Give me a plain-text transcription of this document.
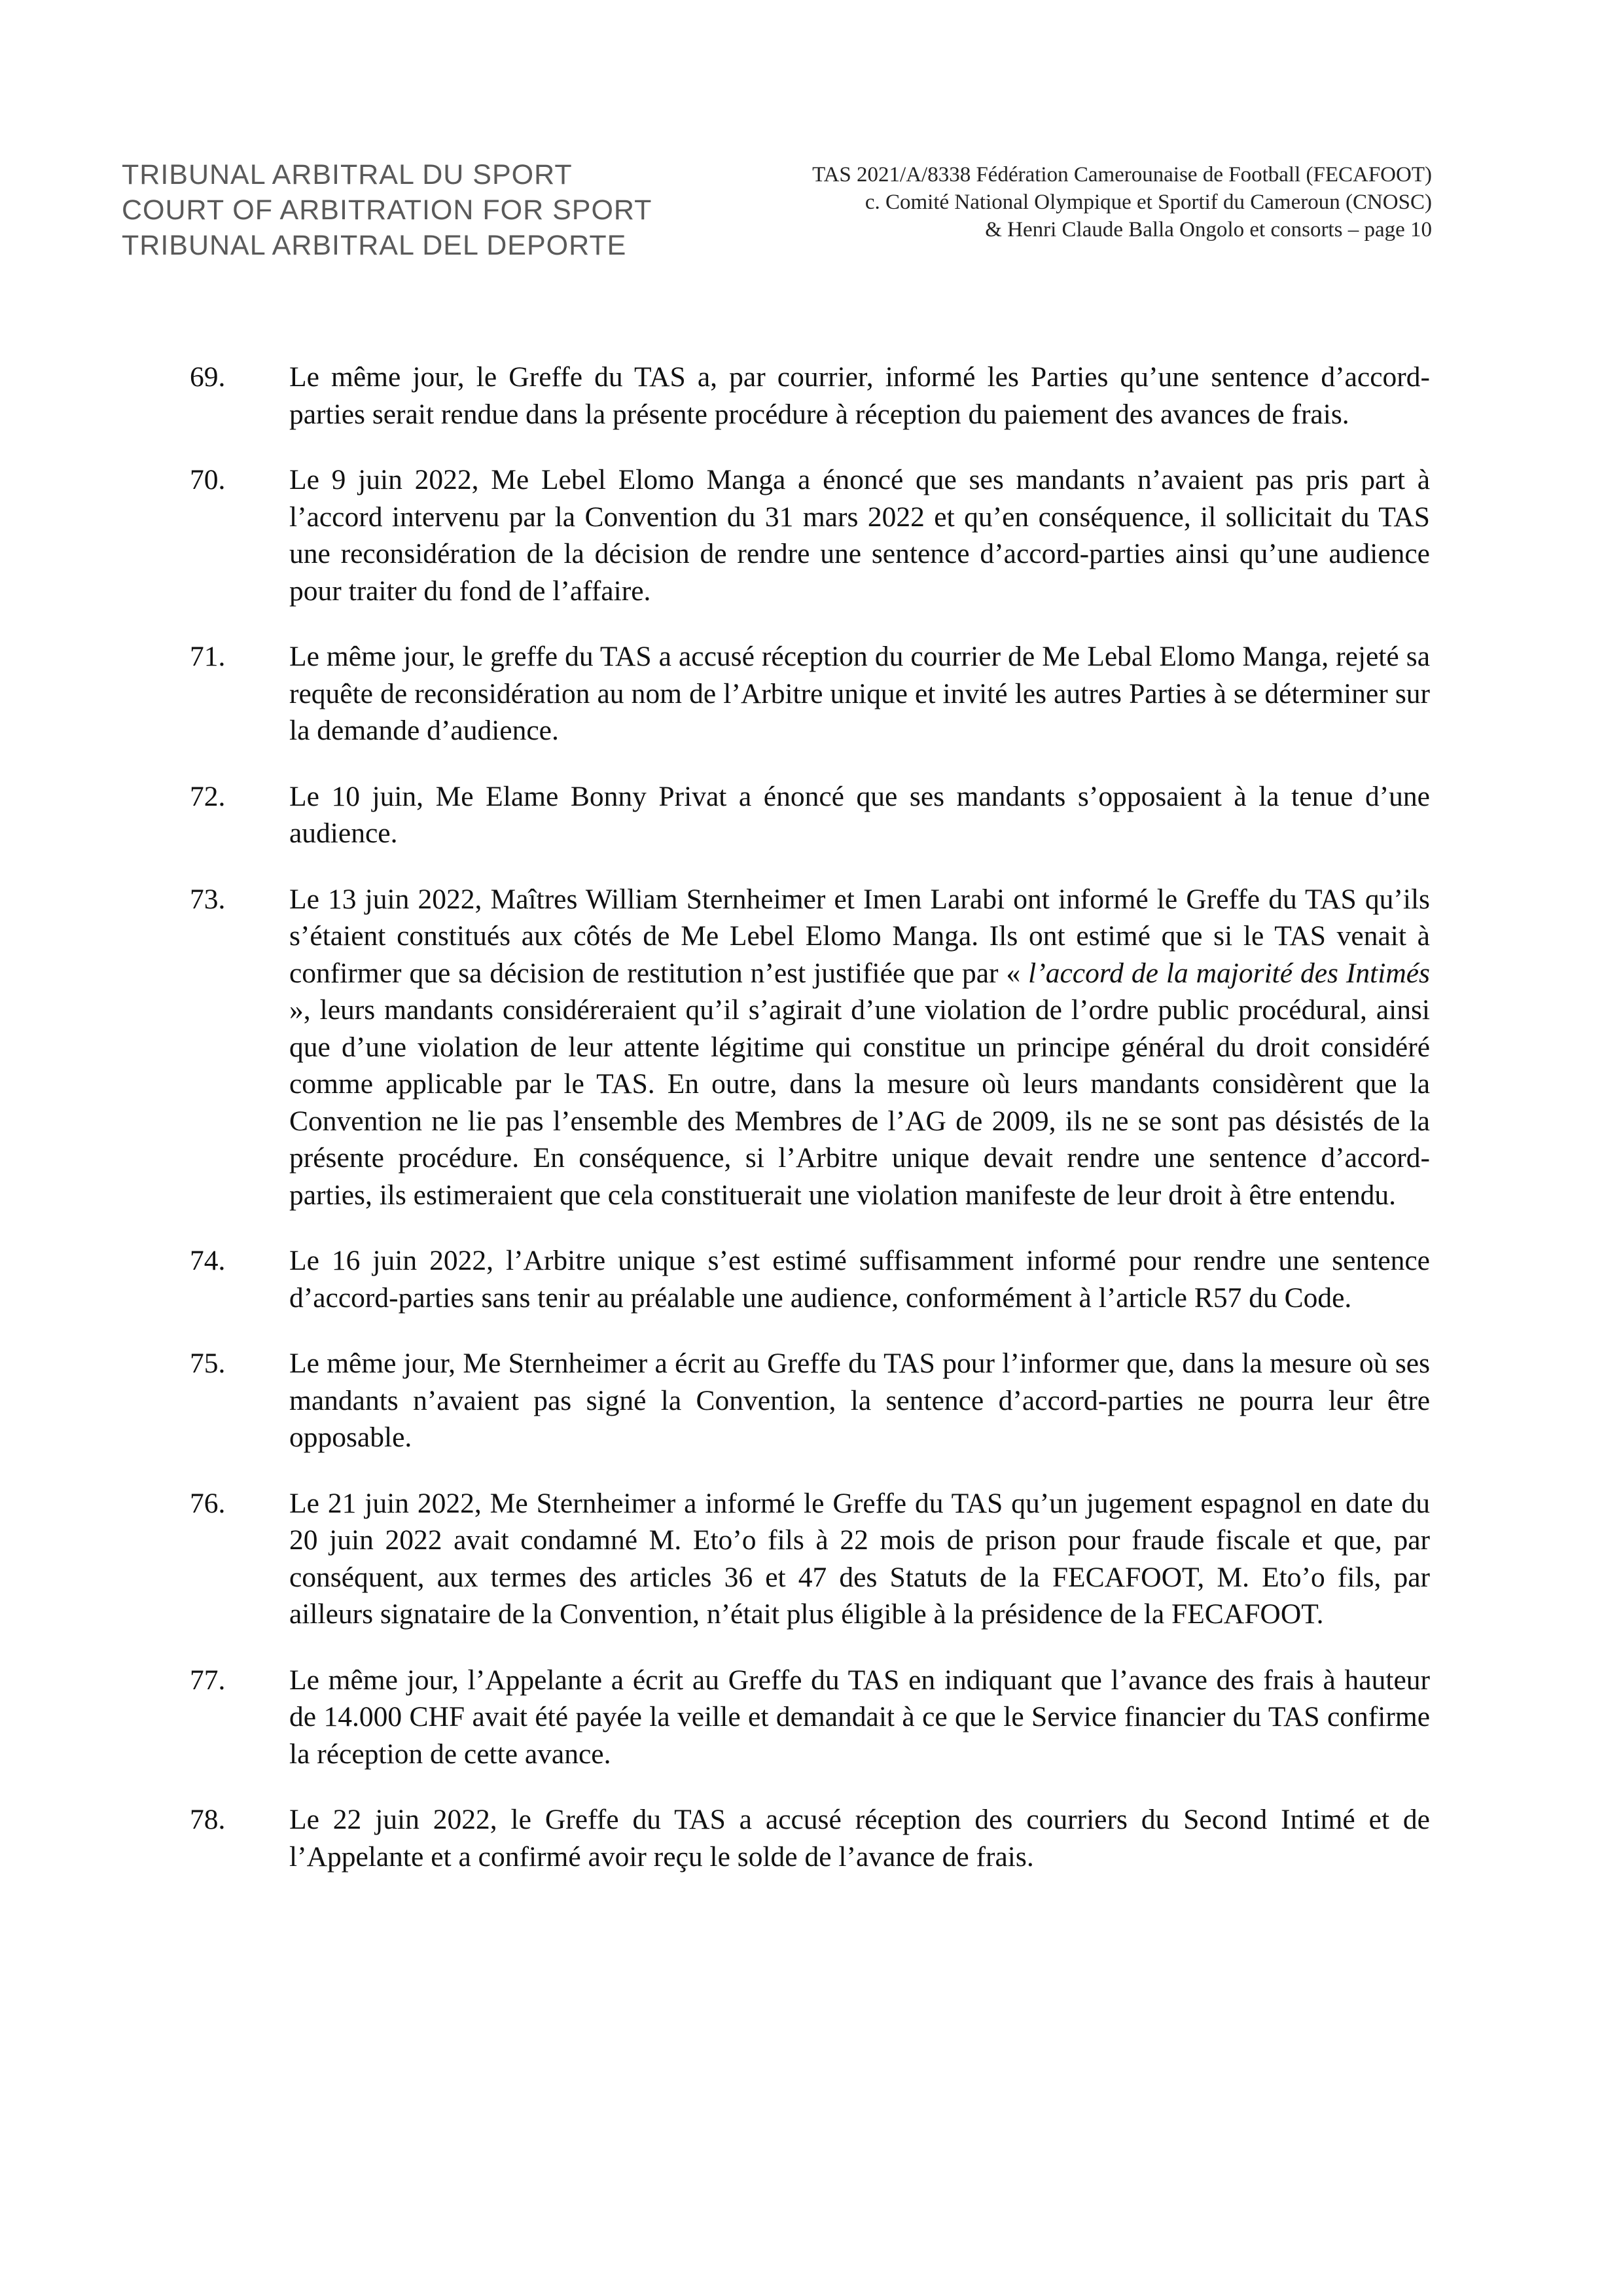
TRIBUNAL ARBITRAL DU SPORT
COURT OF ARBITRATION FOR SPORT
TRIBUNAL ARBITRAL DEL DEPORTE
TAS 2021/A/8338 Fédération Camerounaise de Football (FECAFOOT)
c. Comité National Olympique et Sportif du Cameroun (CNOSC)
& Henri Claude Balla Ongolo et consorts – page 10
69.	Le même jour, le Greffe du TAS a, par courrier, informé les Parties qu’une sentence d’accord-parties serait rendue dans la présente procédure à réception du paiement des avances de frais.
70.	Le 9 juin 2022, Me Lebel Elomo Manga a énoncé que ses mandants n’avaient pas pris part à l’accord intervenu par la Convention du 31 mars 2022 et qu’en conséquence, il sollicitait du TAS une reconsidération de la décision de rendre une sentence d’accord-parties ainsi qu’une audience pour traiter du fond de l’affaire.
71.	Le même jour, le greffe du TAS a accusé réception du courrier de Me Lebal Elomo Manga, rejeté sa requête de reconsidération au nom de l’Arbitre unique et invité les autres Parties à se déterminer sur la demande d’audience.
72.	Le 10 juin, Me Elame Bonny Privat a énoncé que ses mandants s’opposaient à la tenue d’une audience.
73.	Le 13 juin 2022, Maîtres William Sternheimer et Imen Larabi ont informé le Greffe du TAS qu’ils s’étaient constitués aux côtés de Me Lebel Elomo Manga. Ils ont estimé que si le TAS venait à confirmer que sa décision de restitution n’est justifiée que par « l’accord de la majorité des Intimés », leurs mandants considéreraient qu’il s’agirait d’une violation de l’ordre public procédural, ainsi que d’une violation de leur attente légitime qui constitue un principe général du droit considéré comme applicable par le TAS. En outre, dans la mesure où leurs mandants considèrent que la Convention ne lie pas l’ensemble des Membres de l’AG de 2009, ils ne se sont pas désistés de la présente procédure. En conséquence, si l’Arbitre unique devait rendre une sentence d’accord-parties, ils estimeraient que cela constituerait une violation manifeste de leur droit à être entendu.
74.	Le 16 juin 2022, l’Arbitre unique s’est estimé suffisamment informé pour rendre une sentence d’accord-parties sans tenir au préalable une audience, conformément à l’article R57 du Code.
75.	Le même jour, Me Sternheimer a écrit au Greffe du TAS pour l’informer que, dans la mesure où ses mandants n’avaient pas signé la Convention, la sentence d’accord-parties ne pourra leur être opposable.
76.	Le 21 juin 2022, Me Sternheimer a informé le Greffe du TAS qu’un jugement espagnol en date du 20 juin 2022 avait condamné M. Eto’o fils à 22 mois de prison pour fraude fiscale et que, par conséquent, aux termes des articles 36 et 47 des Statuts de la FECAFOOT, M. Eto’o fils, par ailleurs signataire de la Convention, n’était plus éligible à la présidence de la FECAFOOT.
77.	Le même jour, l’Appelante a écrit au Greffe du TAS en indiquant que l’avance des frais à hauteur de 14.000 CHF avait été payée la veille et demandait à ce que le Service financier du TAS confirme la réception de cette avance.
78.	Le 22 juin 2022, le Greffe du TAS a accusé réception des courriers du Second Intimé et de l’Appelante et a confirmé avoir reçu le solde de l’avance de frais.
